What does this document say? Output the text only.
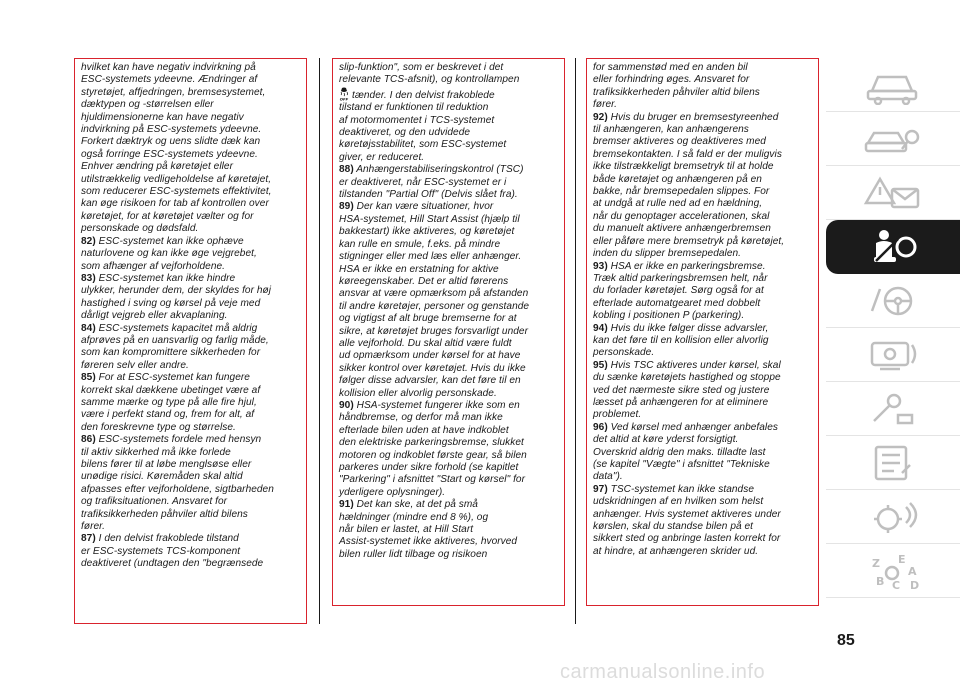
hvilket kan have negativ indvirkning på
ESC-systemets ydeevne. Ændringer af
styretøjet, affjedringen, bremsesystemet,
dæktypen og -størrelsen eller
hjuldimensionerne kan have negativ
indvirkning på ESC-systemets ydeevne.
Forkert dæktryk og uens slidte dæk kan
også forringe ESC-systemets ydeevne.
Enhver ændring på køretøjet eller
utilstrækkelig vedligeholdelse af køretøjet,
som reducerer ESC-systemets effektivitet,
kan øge risikoen for tab af kontrollen over
køretøjet, for at køretøjet vælter og for
personskade og dødsfald.

82) ESC-systemet kan ikke ophæve
naturlovene og kan ikke øge vejgrebet,
som afhænger af vejforholdene.

83) ESC-systemet kan ikke hindre
ulykker, herunder dem, der skyldes for høj
hastighed i sving og kørsel på veje med
dårligt vejgreb eller akvaplaning.

84) ESC-systemets kapacitet må aldrig
afprøves på en uansvarlig og farlig måde,
som kan kompromittere sikkerheden for
føreren selv eller andre.

85) For at ESC-systemet kan fungere
korrekt skal dækkene ubetinget være af
samme mærke og type på alle fire hjul,
være i perfekt stand og, frem for alt, af
den foreskrevne type og størrelse.

86) ESC-systemets fordele med hensyn
til aktiv sikkerhed må ikke forlede
bilens fører til at løbe menglsøse eller
unødige risici. Køremåden skal altid
afpasses efter vejforholdene, sigtbarheden
og trafiksituationen. Ansvaret for
trafiksikkerheden påhviler altid bilens
fører.

87) I den delvist frakoblede tilstand
er ESC-systemets TCS-komponent
deaktiveret (undtagen den "begrænsede

slip-funktion", som er beskrevet i det
relevante TCS-afsnit), og kontrollampen

OFF tænder. I den delvist frakoblede
tilstand er funktionen til reduktion
af motormomentet i TCS-systemet
deaktiveret, og den udvidede
køretøjsstabilitet, som ESC-systemet
giver, er reduceret.

88) Anhængerstabiliseringskontrol (TSC)
er deaktiveret, når ESC-systemet er i
tilstanden "Partial Off" (Delvis slået fra).

89) Der kan være situationer, hvor
HSA-systemet, Hill Start Assist (hjælp til
bakkestart) ikke aktiveres, og køretøjet
kan rulle en smule, f.eks. på mindre
stigninger eller med læs eller anhænger.
HSA er ikke en erstatning for aktive
køreegenskaber. Det er altid førerens
ansvar at være opmærksom på afstanden
til andre køretøjer, personer og genstande
og vigtigst af alt bruge bremserne for at
sikre, at køretøjet bruges forsvarligt under
alle vejforhold. Du skal altid være fuldt
ud opmærksom under kørsel for at have
sikker kontrol over køretøjet. Hvis du ikke
følger disse advarsler, kan det føre til en
kollision eller alvorlig personskade.

90) HSA-systemet fungerer ikke som en
håndbremse, og derfor må man ikke
efterlade bilen uden at have indkoblet
den elektriske parkeringsbremse, slukket
motoren og indkoblet første gear, så bilen
parkeres under sikre forhold (se kapitlet
"Parkering" i afsnittet "Start og kørsel" for
yderligere oplysninger).

91) Det kan ske, at det på små
hældninger (mindre end 8 %), og
når bilen er lastet, at Hill Start
Assist-systemet ikke aktiveres, hvorved
bilen ruller lidt tilbage og risikoen

for sammenstød med en anden bil
eller forhindring øges. Ansvaret for
trafiksikkerheden påhviler altid bilens
fører.

92) Hvis du bruger en bremsestyreenhed
til anhængeren, kan anhængerens
bremser aktiveres og deaktiveres med
bremsekontakten. I så fald er der muligvis
ikke tilstrækkeligt bremsetryk til at holde
både køretøjet og anhængeren på en
bakke, når bremsepedalen slippes. For
at undgå at rulle ned ad en hældning,
når du genoptager accelerationen, skal
du manuelt aktivere anhængerbremsen
eller påføre mere bremsetryk på køretøjet,
inden du slipper bremsepedalen.

93) HSA er ikke en parkeringsbremse.
Træk altid parkeringsbremsen helt, når
du forlader køretøjet. Sørg også for at
efterlade automatgearet med dobbelt
kobling i positionen P (parkering).

94) Hvis du ikke følger disse advarsler,
kan det føre til en kollision eller alvorlig
personskade.

95) Hvis TSC aktiveres under kørsel, skal
du sænke køretøjets hastighed og stoppe
ved det nærmeste sikre sted og justere
læsset på anhængeren for at eliminere
problemet.

96) Ved kørsel med anhænger anbefales
det altid at køre yderst forsigtigt.
Overskrid aldrig den maks. tilladte last
(se kapitel "Vægte" i afsnittet "Tekniske
data").

97) TSC-systemet kan ikke standse
udskridningen af en hvilken som helst
anhænger. Hvis systemet aktiveres under
kørslen, skal du standse bilen på et
sikkert sted og anbringe lasten korrekt for
at hindre, at anhængeren skrider ud.

Z E
A
B C D
85
carmanualsonline.info
